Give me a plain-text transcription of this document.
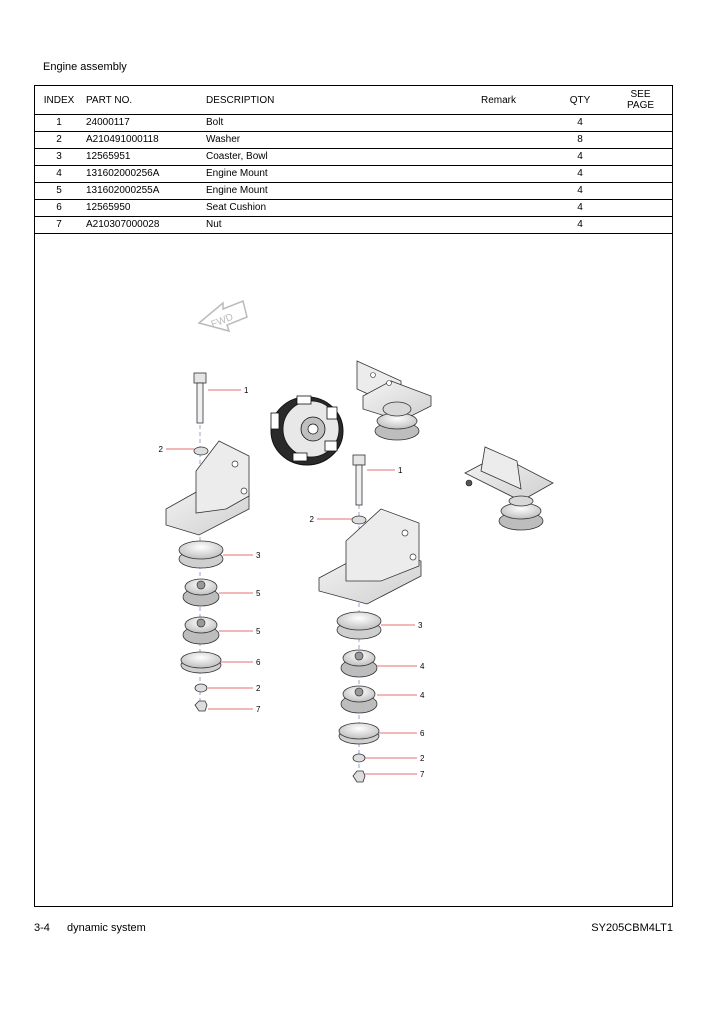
Engine assembly
INDEX	PART NO.	DESCRIPTION	Remark	QTY	SEE
PAGE
1	24000117	Bolt		4	
2	A210491000118	Washer		8	
3	12565951	Coaster, Bowl		4	
4	131602000256A	Engine Mount		4	
5	131602000255A	Engine Mount		4	
6	12565950	Seat Cushion		4	
7	A210307000028	Nut		4	
FWD
1
2
3
5
5
6
2
7
1
2
3
4
4
6
2
7
3-4 dynamic system	SY205CBM4LT1
